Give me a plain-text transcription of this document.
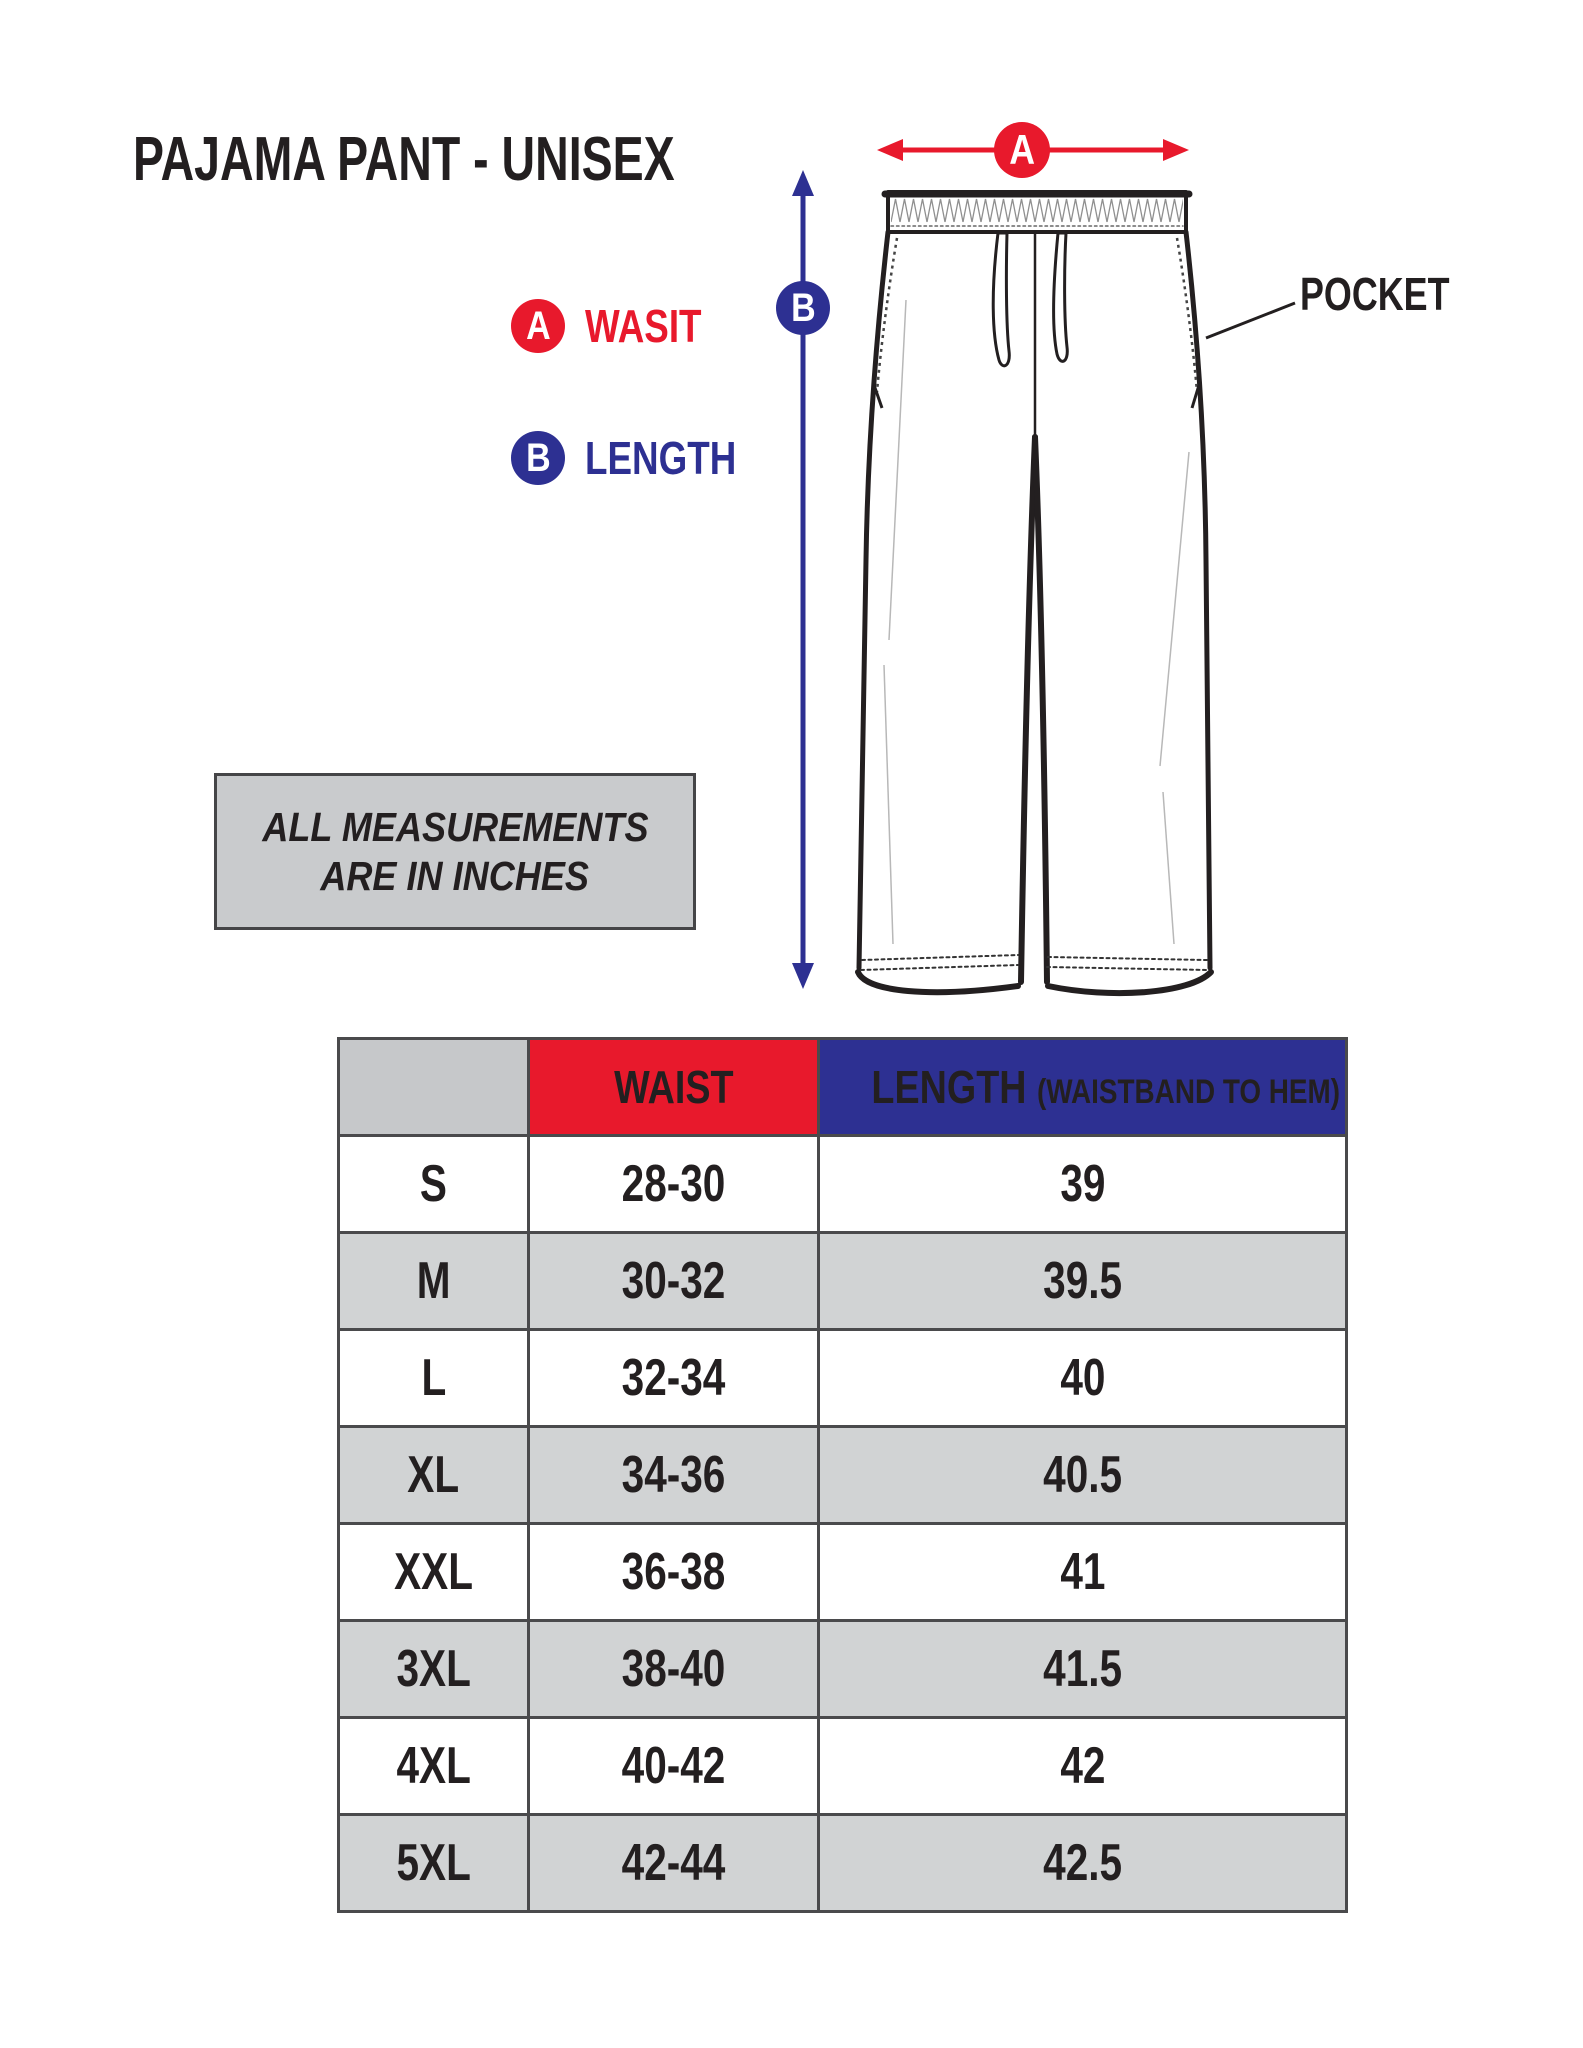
PAJAMA PANT - UNISEX
A WASIT
B LENGTH
A
B	POCKET
ALL MEASUREMENTS
ARE IN INCHES
	WAIST	LENGTH (WAISTBAND TO HEM)
S	28-30	39
M	30-32	39.5
L	32-34	40
XL	34-36	40.5
XXL	36-38	41
3XL	38-40	41.5
4XL	40-42	42
5XL	42-44	42.5
